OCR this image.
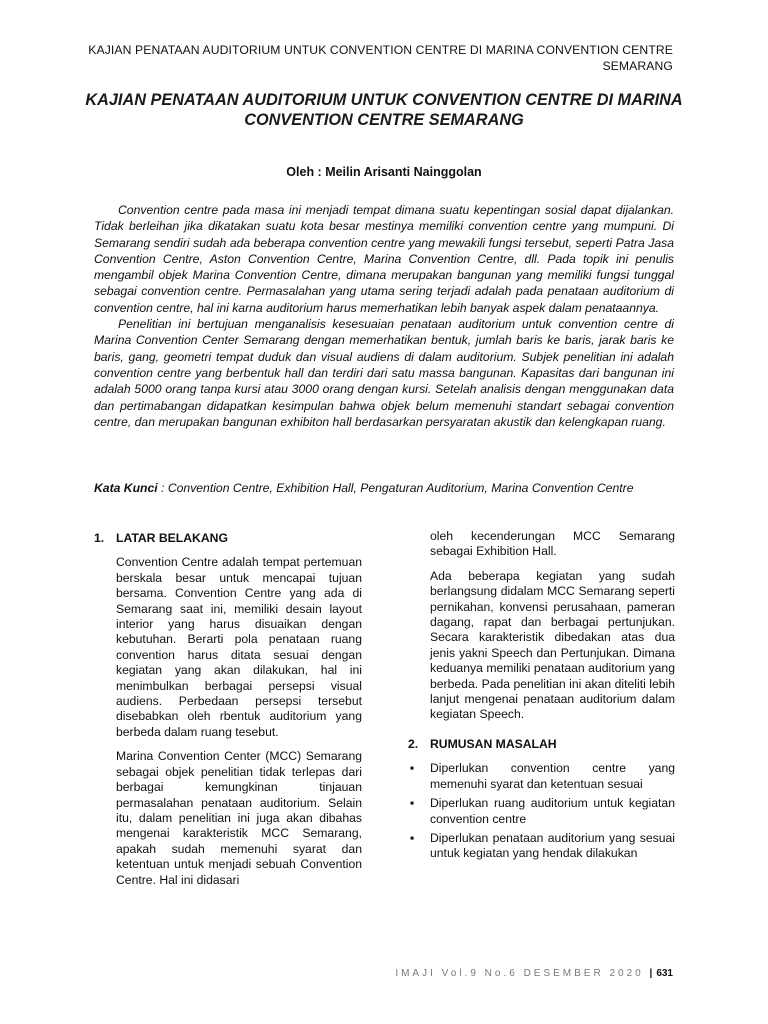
KAJIAN PENATAAN AUDITORIUM UNTUK CONVENTION CENTRE DI MARINA CONVENTION CENTRE SEMARANG
KAJIAN PENATAAN AUDITORIUM UNTUK CONVENTION CENTRE DI MARINA CONVENTION CENTRE SEMARANG
Oleh : Meilin Arisanti Nainggolan

Convention centre pada masa ini menjadi tempat dimana suatu kepentingan sosial dapat dijalankan. Tidak berleihan jika dikatakan suatu kota besar mestinya memiliki convention centre yang mumpuni. Di Semarang sendiri sudah ada beberapa convention centre yang mewakili fungsi tersebut, seperti Patra Jasa Convention Centre, Aston Convention Centre, Marina Convention Centre, dll. Pada topik ini penulis mengambil objek Marina Convention Centre, dimana merupakan bangunan yang memiliki fungsi tunggal sebagai convention centre. Permasalahan yang utama sering terjadi adalah pada penataan auditorium di convention centre, hal ini karna auditorium harus memerhatikan lebih banyak aspek dalam penataannya.

Penelitian ini bertujuan menganalisis kesesuaian penataan auditorium untuk convention centre di Marina Convention Center Semarang dengan memerhatikan bentuk, jumlah baris ke baris, jarak baris ke baris, gang, geometri tempat duduk dan visual audiens di dalam auditorium. Subjek penelitian ini adalah convention centre yang berbentuk hall dan terdiri dari satu massa bangunan. Kapasitas dari bangunan ini adalah 5000 orang tanpa kursi atau 3000 orang dengan kursi. Setelah analisis dengan menggunakan data dan pertimabangan didapatkan kesimpulan bahwa objek belum memenuhi standart sebagai convention centre, dan merupakan bangunan exhibiton hall berdasarkan persyaratan akustik dan kelengkapan ruang.

Kata Kunci : Convention Centre, Exhibition Hall, Pengaturan Auditorium, Marina Convention Centre
1. LATAR BELAKANG

Convention Centre adalah tempat pertemuan berskala besar untuk mencapai tujuan bersama. Convention Centre yang ada di Semarang saat ini, memiliki desain layout interior yang harus disuaikan dengan kebutuhan. Berarti pola penataan ruang convention harus ditata sesuai dengan kegiatan yang akan dilakukan, hal ini menimbulkan berbagai persepsi visual audiens. Perbedaan persepsi tersebut disebabkan oleh rbentuk auditorium yang berbeda dalam ruang tesebut.

Marina Convention Center (MCC) Semarang sebagai objek penelitian tidak terlepas dari berbagai kemungkinan tinjauan permasalahan penataan auditorium. Selain itu, dalam penelitian ini juga akan dibahas mengenai karakteristik MCC Semarang, apakah sudah memenuhi syarat dan ketentuan untuk menjadi sebuah Convention Centre. Hal ini didasari

oleh kecenderungan MCC Semarang sebagai Exhibition Hall.

Ada beberapa kegiatan yang sudah berlangsung didalam MCC Semarang seperti pernikahan, konvensi perusahaan, pameran dagang, rapat dan berbagai pertunjukan. Secara karakteristik dibedakan atas dua jenis yakni Speech dan Pertunjukan. Dimana keduanya memiliki penataan auditorium yang berbeda. Pada penelitian ini akan diteliti lebih lanjut mengenai penataan auditorium dalam kegiatan Speech.

2. RUMUSAN MASALAH
▪ Diperlukan convention centre yang memenuhi syarat dan ketentuan sesuai
▪ Diperlukan ruang auditorium untuk kegiatan convention centre
▪ Diperlukan penataan auditorium yang sesuai untuk kegiatan yang hendak dilakukan
IMAJI Vol.9 No.6 DESEMBER 2020 | 631
